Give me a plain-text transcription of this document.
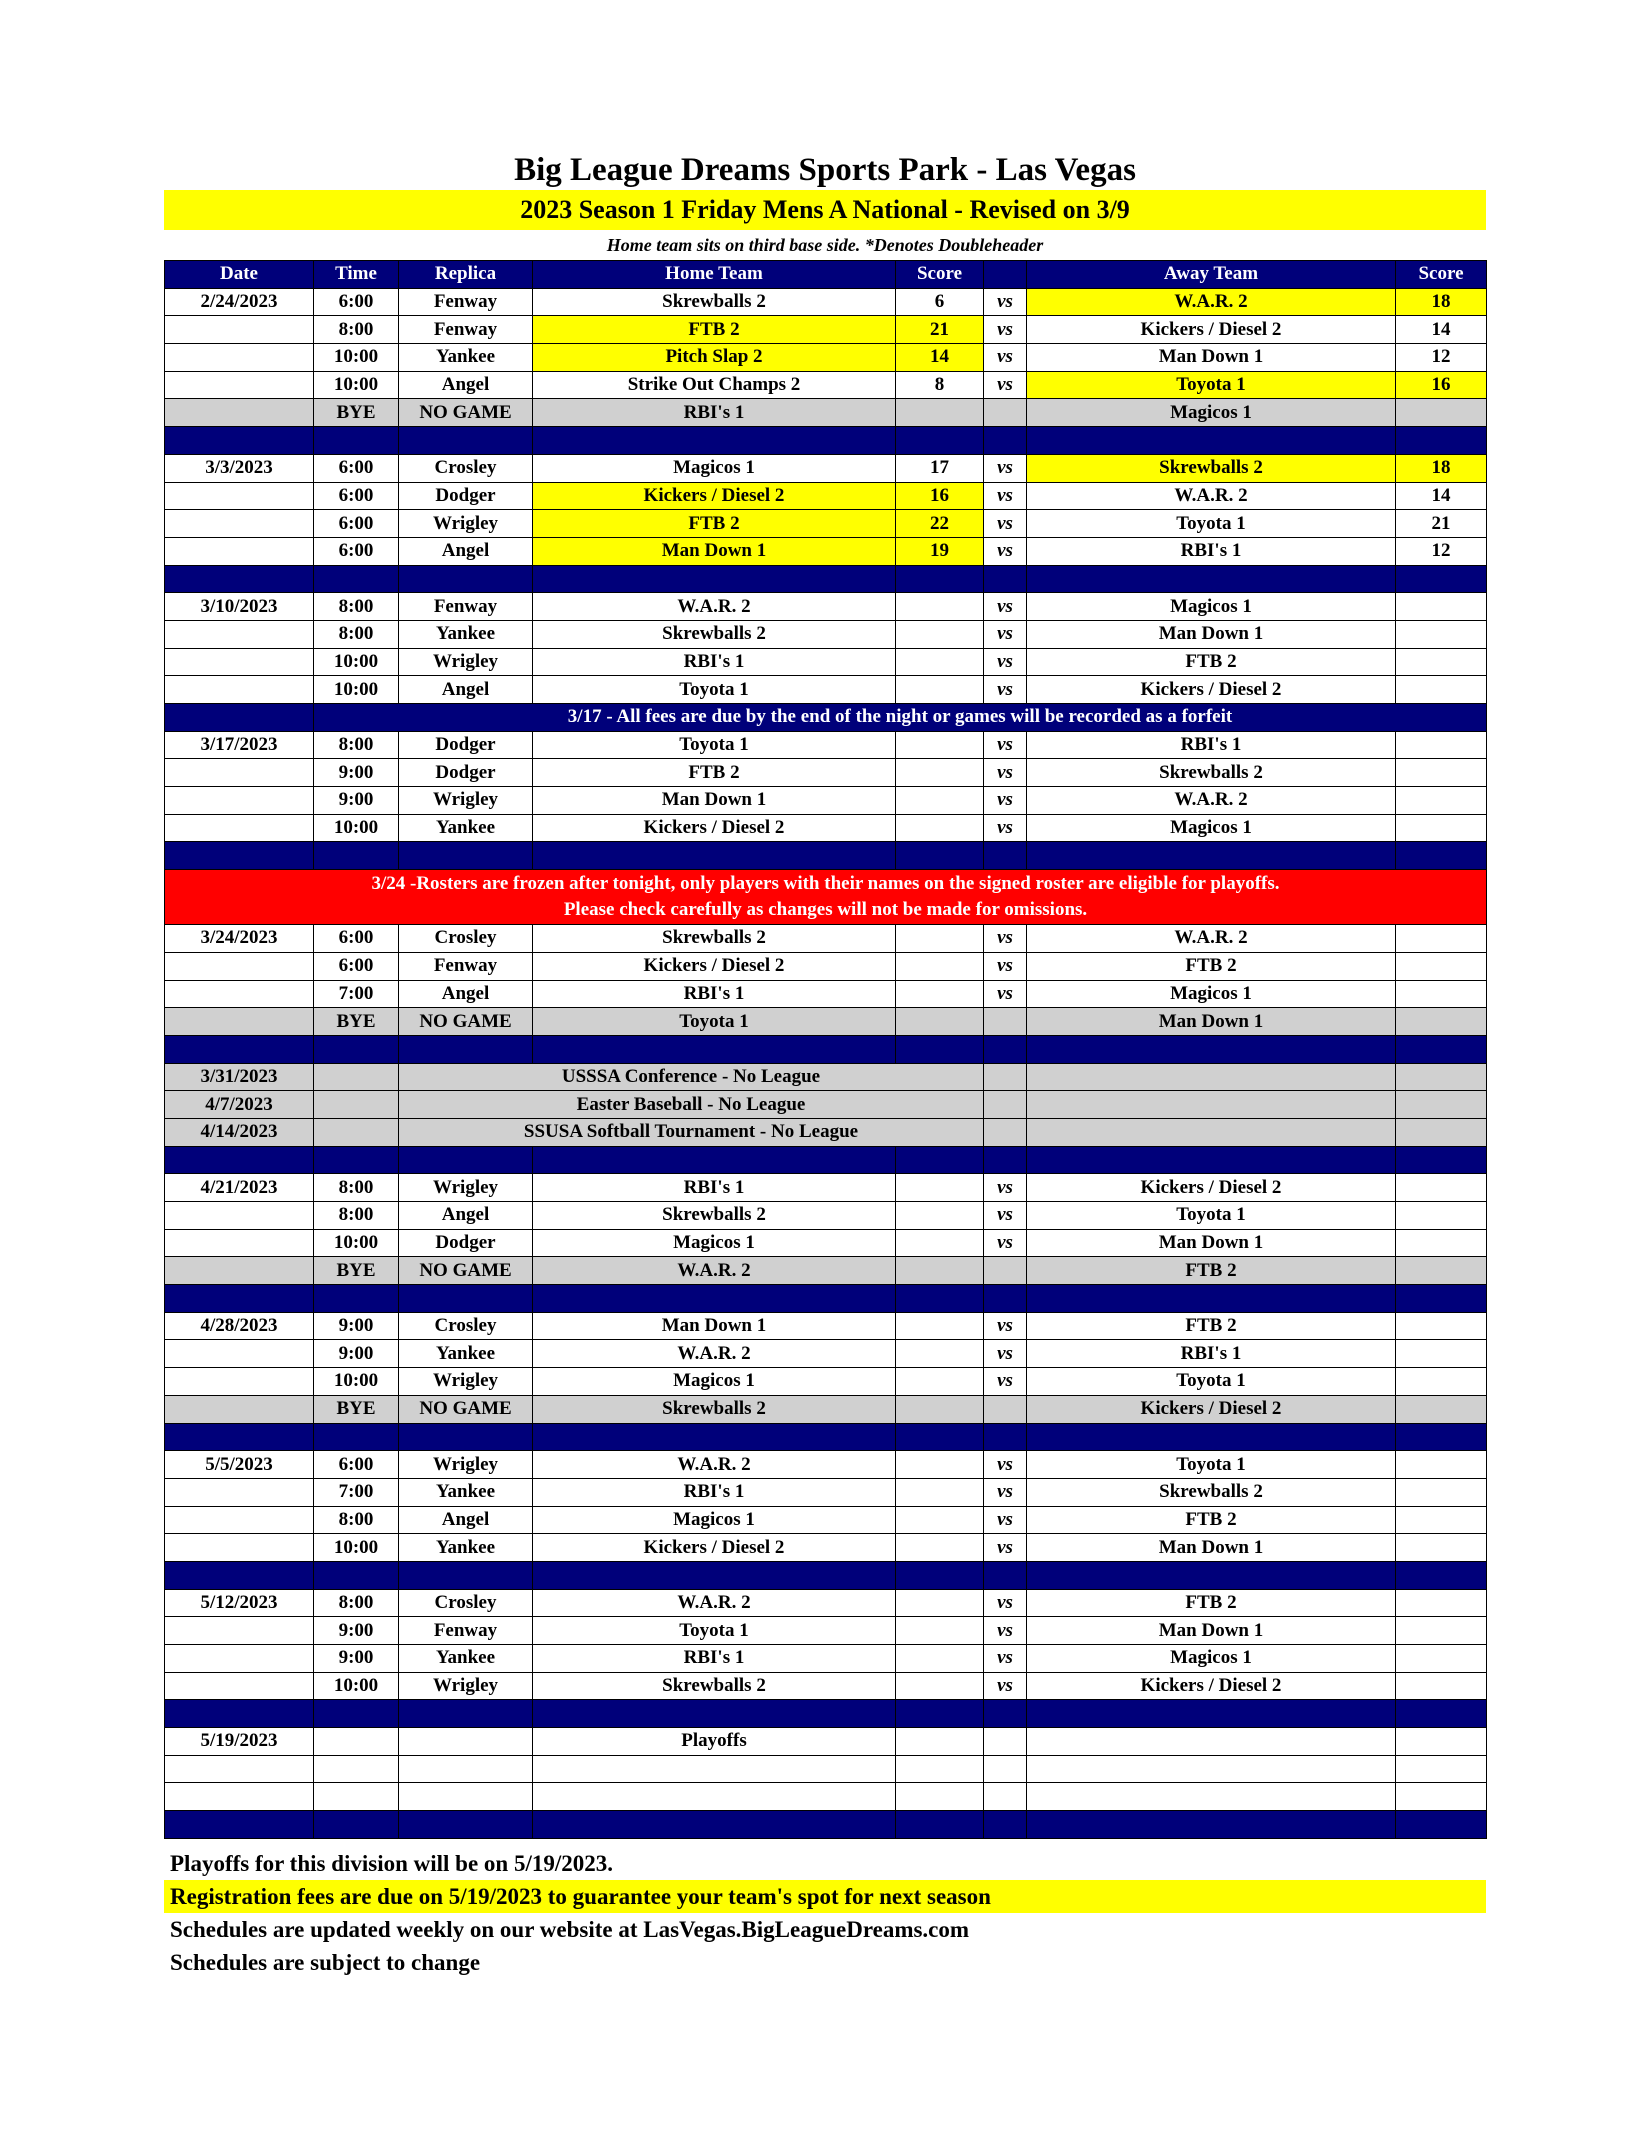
Big League Dreams Sports Park - Las Vegas
2023 Season 1 Friday Mens A National - Revised on 3/9
Home team sits on third base side. *Denotes Doubleheader
Date	Time	Replica	Home Team	Score		Away Team	Score
2/24/2023	6:00	Fenway	Skrewballs 2	6	vs	W.A.R. 2	18
	8:00	Fenway	FTB 2	21	vs	Kickers / Diesel 2	14
	10:00	Yankee	Pitch Slap 2	14	vs	Man Down 1	12
	10:00	Angel	Strike Out Champs 2	8	vs	Toyota 1	16
	BYE	NO GAME	RBI's 1			Magicos 1	

3/3/2023	6:00	Crosley	Magicos 1	17	vs	Skrewballs 2	18
	6:00	Dodger	Kickers / Diesel 2	16	vs	W.A.R. 2	14
	6:00	Wrigley	FTB 2	22	vs	Toyota 1	21
	6:00	Angel	Man Down 1	19	vs	RBI's 1	12

3/10/2023	8:00	Fenway	W.A.R. 2		vs	Magicos 1	
	8:00	Yankee	Skrewballs 2		vs	Man Down 1	
	10:00	Wrigley	RBI's 1		vs	FTB 2	
	10:00	Angel	Toyota 1		vs	Kickers / Diesel 2	
	3/17 - All fees are due by the end of the night or games will be recorded as a forfeit						
3/17/2023	8:00	Dodger	Toyota 1		vs	RBI's 1	
	9:00	Dodger	FTB 2		vs	Skrewballs 2	
	9:00	Wrigley	Man Down 1		vs	W.A.R. 2	
	10:00	Yankee	Kickers / Diesel 2		vs	Magicos 1	

3/24 -Rosters are frozen after tonight, only players with their names on the signed roster are eligible for playoffs.
Please check carefully as changes will not be made for omissions.							

3/24/2023	6:00	Crosley	Skrewballs 2		vs	W.A.R. 2	
	6:00	Fenway	Kickers / Diesel 2		vs	FTB 2	
	7:00	Angel	RBI's 1		vs	Magicos 1	
	BYE	NO GAME	Toyota 1			Man Down 1	

3/31/2023		USSSA Conference - No League					
4/7/2023		Easter Baseball - No League					
4/14/2023		SSUSA Softball Tournament - No League					

4/21/2023	8:00	Wrigley	RBI's 1		vs	Kickers / Diesel 2	
	8:00	Angel	Skrewballs 2		vs	Toyota 1	
	10:00	Dodger	Magicos 1		vs	Man Down 1	
	BYE	NO GAME	W.A.R. 2			FTB 2	

4/28/2023	9:00	Crosley	Man Down 1		vs	FTB 2	
	9:00	Yankee	W.A.R. 2		vs	RBI's 1	
	10:00	Wrigley	Magicos 1		vs	Toyota 1	
	BYE	NO GAME	Skrewballs 2			Kickers / Diesel 2	

5/5/2023	6:00	Wrigley	W.A.R. 2		vs	Toyota 1	
	7:00	Yankee	RBI's 1		vs	Skrewballs 2	
	8:00	Angel	Magicos 1		vs	FTB 2	
	10:00	Yankee	Kickers / Diesel 2		vs	Man Down 1	

5/12/2023	8:00	Crosley	W.A.R. 2		vs	FTB 2	
	9:00	Fenway	Toyota 1		vs	Man Down 1	
	9:00	Yankee	RBI's 1		vs	Magicos 1	
	10:00	Wrigley	Skrewballs 2		vs	Kickers / Diesel 2	

5/19/2023			Playoffs				

Playoffs for this division will be on 5/19/2023.
Registration fees are due on 5/19/2023 to guarantee your team's spot for next season
Schedules are updated weekly on our website at LasVegas.BigLeagueDreams.com
Schedules are subject to change
